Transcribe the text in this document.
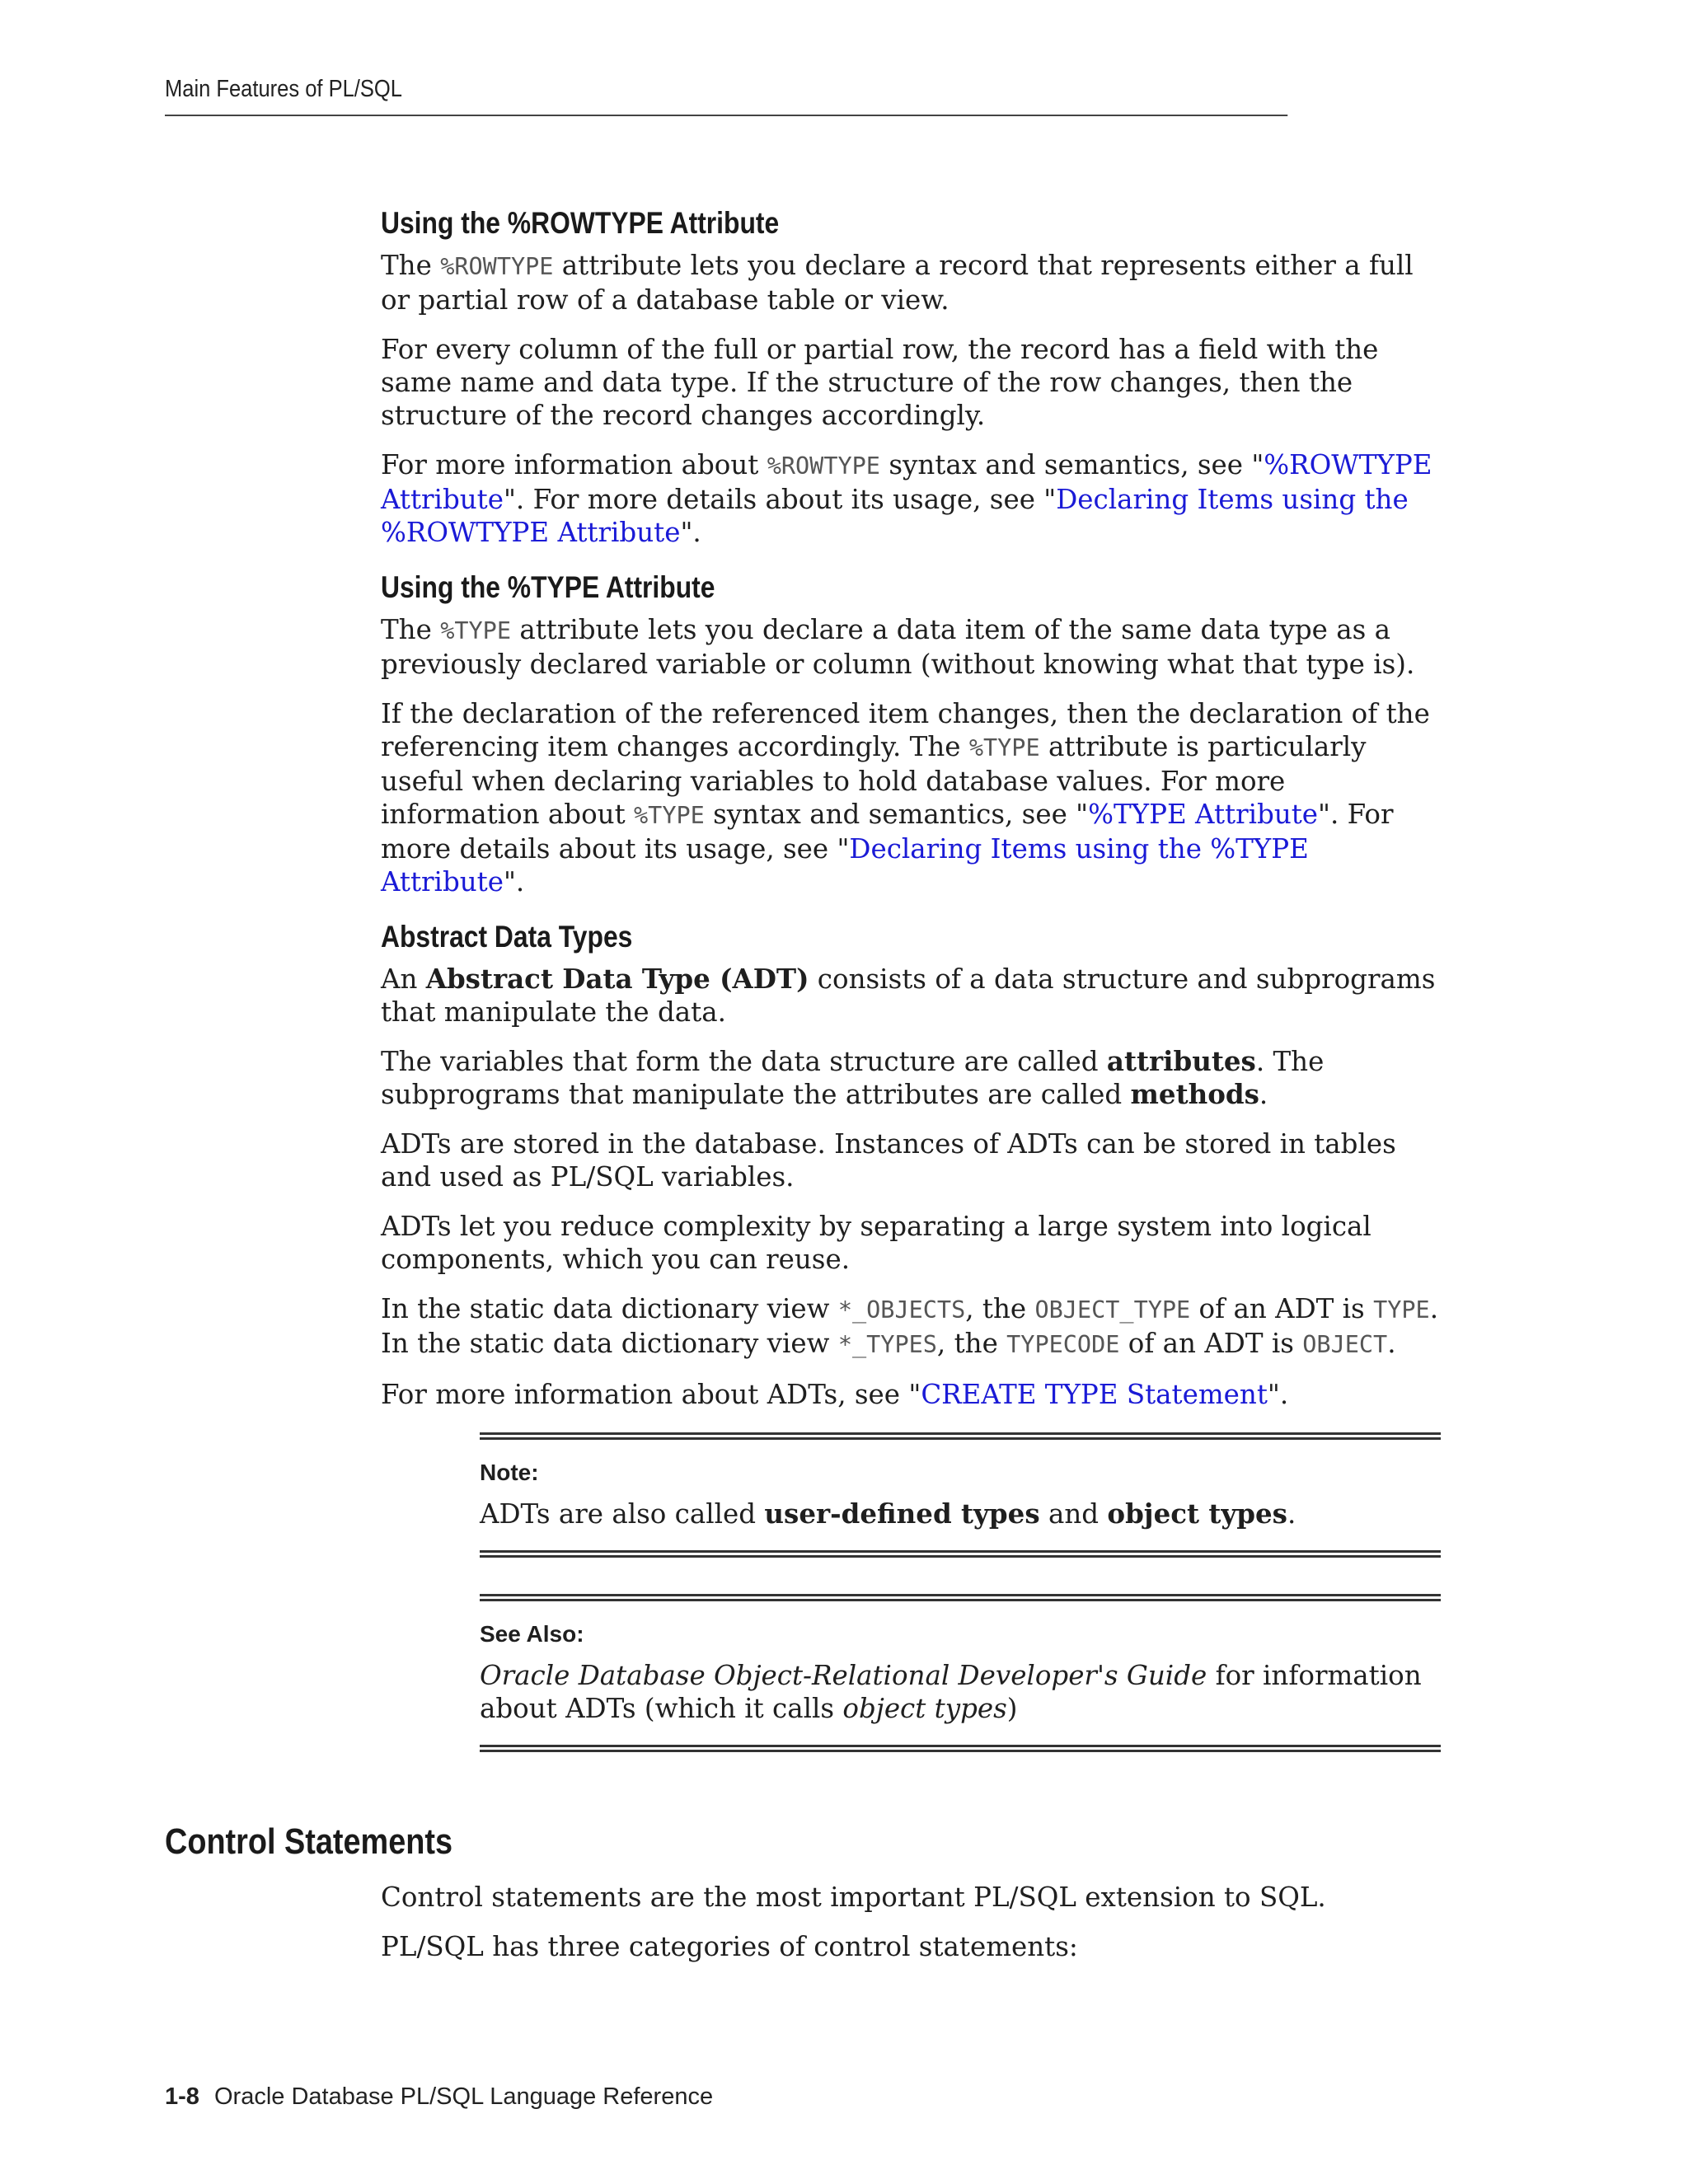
Main Features of PL/SQL
Using the %ROWTYPE Attribute

The %ROWTYPE attribute lets you declare a record that represents either a full or partial row of a database table or view.

For every column of the full or partial row, the record has a field with the same name and data type. If the structure of the row changes, then the structure of the record changes accordingly.

For more information about %ROWTYPE syntax and semantics, see "%ROWTYPE Attribute". For more details about its usage, see "Declaring Items using the %ROWTYPE Attribute".

Using the %TYPE Attribute

The %TYPE attribute lets you declare a data item of the same data type as a previously declared variable or column (without knowing what that type is).

If the declaration of the referenced item changes, then the declaration of the referencing item changes accordingly. The %TYPE attribute is particularly useful when declaring variables to hold database values. For more information about %TYPE syntax and semantics, see "%TYPE Attribute". For more details about its usage, see "Declaring Items using the %TYPE Attribute".

Abstract Data Types

An Abstract Data Type (ADT) consists of a data structure and subprograms that manipulate the data.

The variables that form the data structure are called attributes. The subprograms that manipulate the attributes are called methods.

ADTs are stored in the database. Instances of ADTs can be stored in tables and used as PL/SQL variables.

ADTs let you reduce complexity by separating a large system into logical components, which you can reuse.

In the static data dictionary view *_OBJECTS, the OBJECT_TYPE of an ADT is TYPE. In the static data dictionary view *_TYPES, the TYPECODE of an ADT is OBJECT.

For more information about ADTs, see "CREATE TYPE Statement".

Note:

ADTs are also called user-defined types and object types.

See Also:

Oracle Database Object-Relational Developer's Guide for information about ADTs (which it calls object types)

Control Statements

Control statements are the most important PL/SQL extension to SQL.

PL/SQL has three categories of control statements:

1-8 Oracle Database PL/SQL Language Reference
